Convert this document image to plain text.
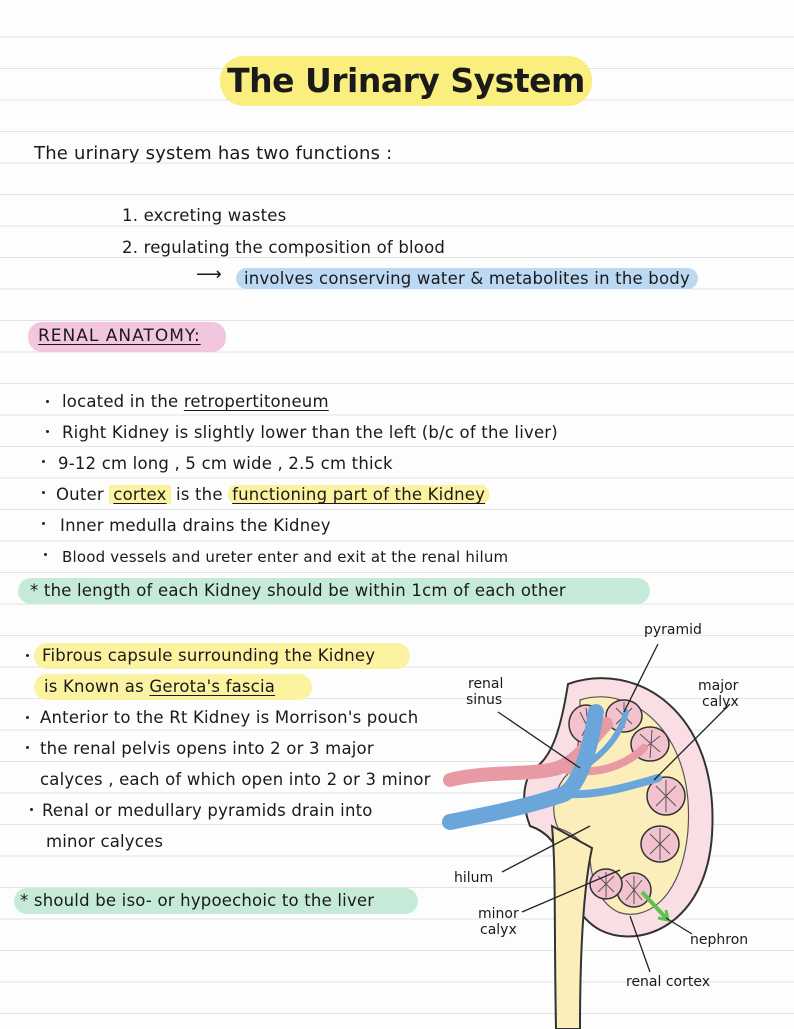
The Urinary System
The urinary system has two functions :
1. excreting wastes
2. regulating the composition of blood
⟶	involves conserving water & metabolites in the body
RENAL ANATOMY:
located in the retropertitoneum
Right Kidney is slightly lower than the left (b/c of the liver)
9-12 cm long , 5 cm wide , 2.5 cm thick
Outer cortex is the functioning part of the Kidney
Inner medulla drains the Kidney
Blood vessels and ureter enter and exit at the renal hilum
* the length of each Kidney should be within 1cm of each other
Fibrous capsule surrounding the Kidney
is Known as Gerota's fascia
Anterior to the Rt Kidney is Morrison's pouch
the renal pelvis opens into 2 or 3 major
calyces , each of which open into 2 or 3 minor
Renal or medullary pyramids drain into
minor calyces
* should be iso- or hypoechoic to the liver
pyramid
renal
sinus
major
calyx
hilum
minor
calyx
nephron
renal cortex
